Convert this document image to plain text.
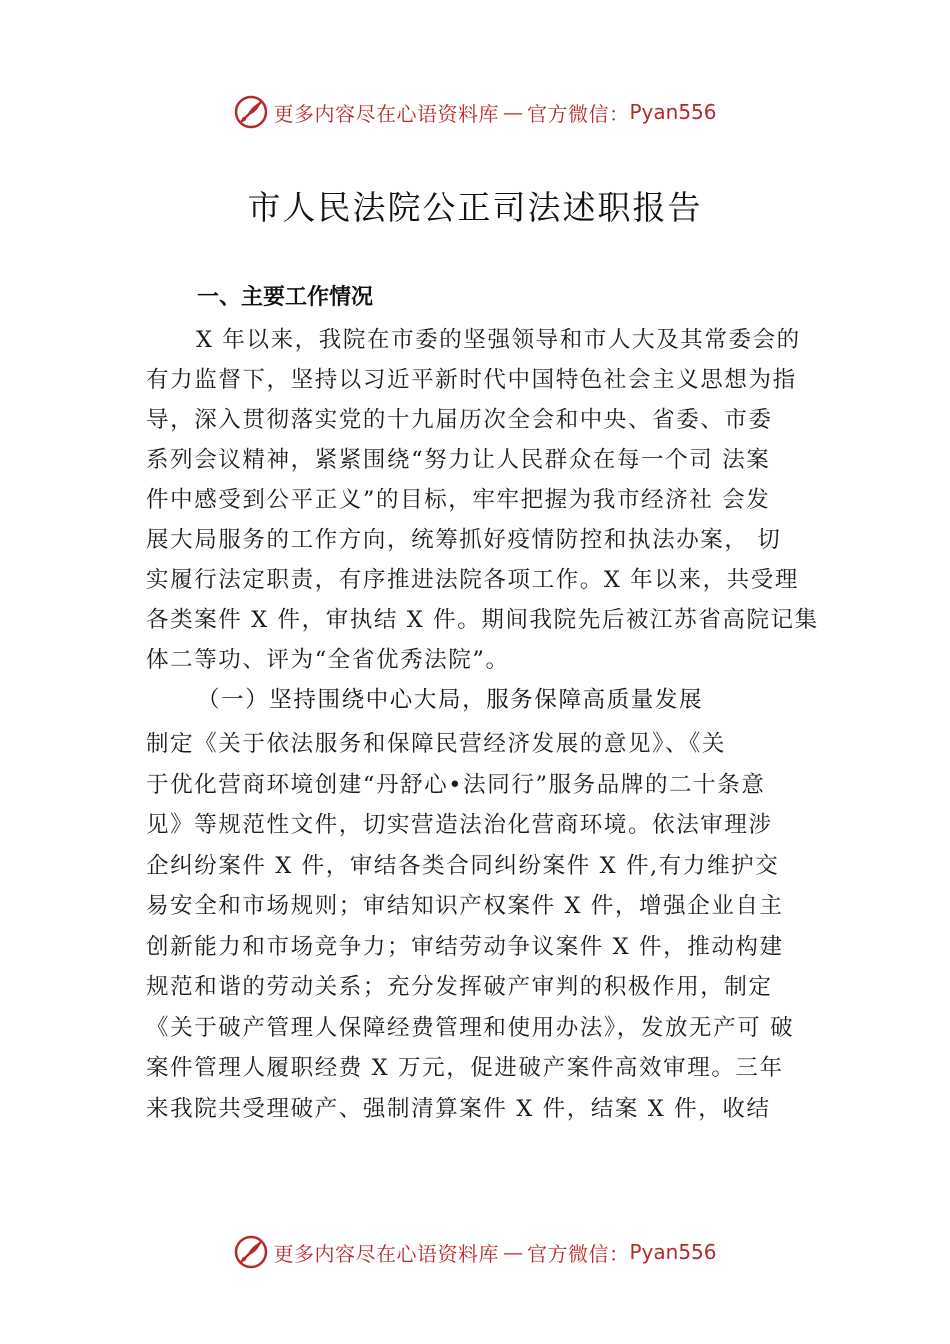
更多内容尽在心语资料库 — 官方微信： Pyan556
市人民法院公正司法述职报告
一、主要工作情况
X 年以来，我院在市委的坚强领导和市人大及其常委会的
有力监督下，坚持以习近平新时代中国特色社会主义思想为指
导，深入贯彻落实党的十九届历次全会和中央、省委、市委
系列会议精神，紧紧围绕“努力让人民群众在每一个司 法案
件中感受到公平正义”的目标，牢牢把握为我市经济社 会发
展大局服务的工作方向，统筹抓好疫情防控和执法办案， 切
实履行法定职责，有序推进法院各项工作。X 年以来，共受理
各类案件 X 件，审执结 X 件。期间我院先后被江苏省高院记集
体二等功、评为“全省优秀法院”。
（一）坚持围绕中心大局，服务保障高质量发展
制定《关于依法服务和保障民营经济发展的意见》、《关
于优化营商环境创建“丹舒心•法同行”服务品牌的二十条意
见》等规范性文件，切实营造法治化营商环境。依法审理涉
企纠纷案件 X 件，审结各类合同纠纷案件 X 件,有力维护交
易安全和市场规则；审结知识产权案件 X 件，增强企业自主
创新能力和市场竞争力；审结劳动争议案件 X 件，推动构建
规范和谐的劳动关系；充分发挥破产审判的积极作用，制定
《关于破产管理人保障经费管理和使用办法》，发放无产可 破
案件管理人履职经费 X 万元，促进破产案件高效审理。三年
来我院共受理破产、强制清算案件 X 件，结案 X 件，收结
更多内容尽在心语资料库 — 官方微信： Pyan556
